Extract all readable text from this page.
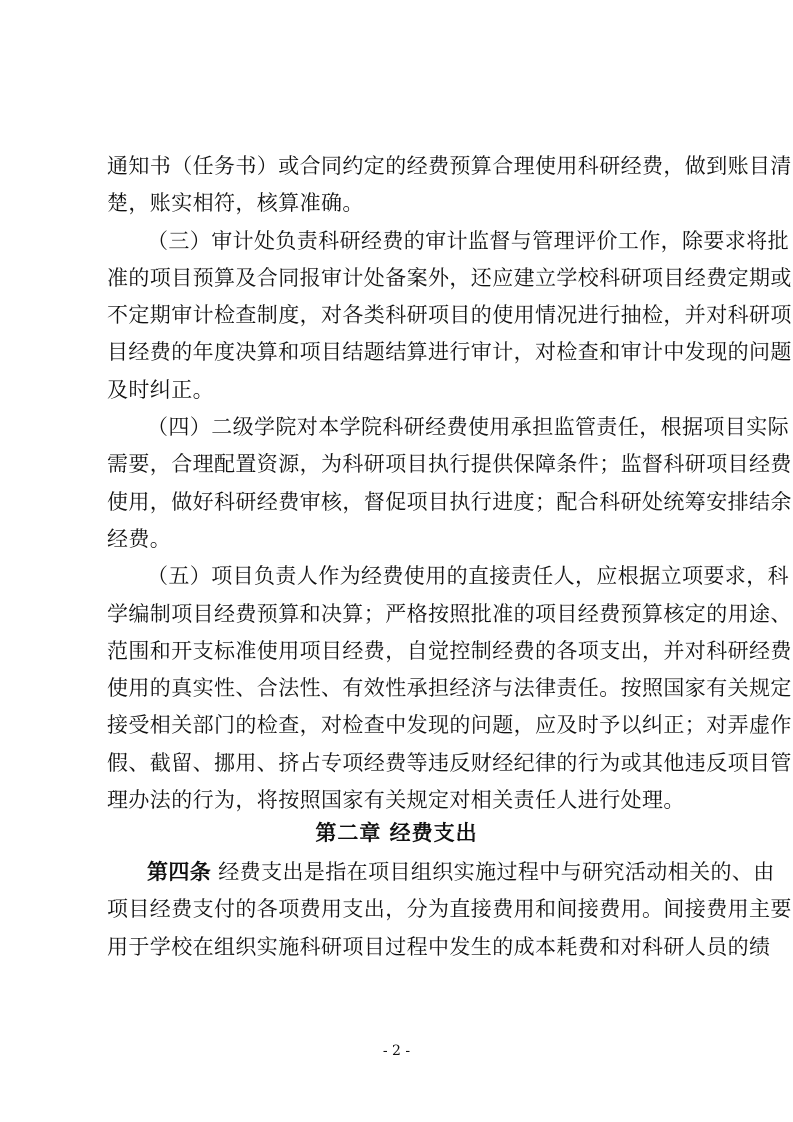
通知书（任务书）或合同约定的经费预算合理使用科研经费，做到账目清
楚，账实相符，核算准确。
（三）审计处负责科研经费的审计监督与管理评价工作，除要求将批
准的项目预算及合同报审计处备案外，还应建立学校科研项目经费定期或
不定期审计检查制度，对各类科研项目的使用情况进行抽检，并对科研项
目经费的年度决算和项目结题结算进行审计，对检查和审计中发现的问题
及时纠正。
（四）二级学院对本学院科研经费使用承担监管责任，根据项目实际
需要，合理配置资源，为科研项目执行提供保障条件；监督科研项目经费
使用，做好科研经费审核，督促项目执行进度；配合科研处统筹安排结余
经费。
第二章 经费支出
第四条 经费支出是指在项目组织实施过程中与研究活动相关的、由
项目经费支付的各项费用支出，分为直接费用和间接费用。间接费用主要
用于学校在组织实施科研项目过程中发生的成本耗费和对科研人员的绩
- 2 -
（五）项目负责人作为经费使用的直接责任人，应根据立项要求，科
学编制项目经费预算和决算；严格按照批准的项目经费预算核定的用途、
范围和开支标准使用项目经费，自觉控制经费的各项支出，并对科研经费
使用的真实性、合法性、有效性承担经济与法律责任。按照国家有关规定
接受相关部门的检查，对检查中发现的问题，应及时予以纠正；对弄虚作
假、截留、挪用、挤占专项经费等违反财经纪律的行为或其他违反项目管
理办法的行为，将按照国家有关规定对相关责任人进行处理。
